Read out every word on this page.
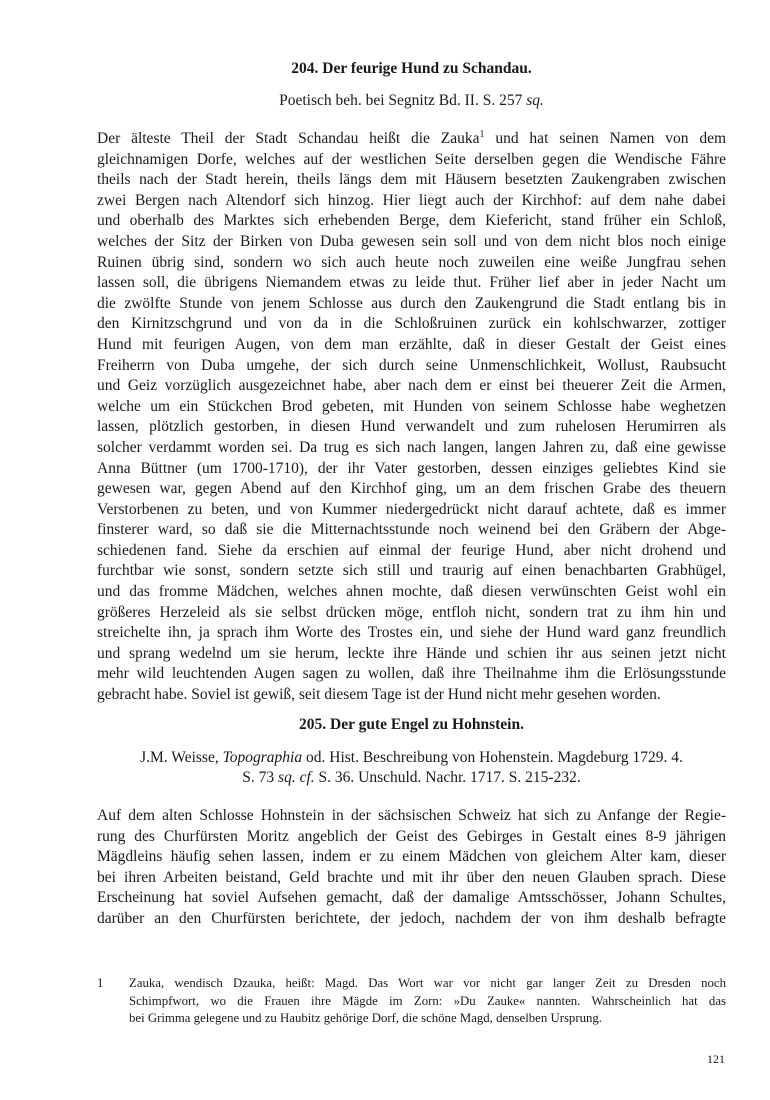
204. Der feurige Hund zu Schandau.
Poetisch beh. bei Segnitz Bd. II. S. 257 sq.
Der älteste Theil der Stadt Schandau heißt die Zauka$^1$ und hat seinen Namen von dem
gleichnamigen Dorfe, welches auf der westlichen Seite derselben gegen die Wendische Fähre
theils nach der Stadt herein, theils längs dem mit Häusern besetzten Zaukengraben zwischen
zwei Bergen nach Altendorf sich hinzog. Hier liegt auch der Kirchhof: auf dem nahe dabei
und oberhalb des Marktes sich erhebenden Berge, dem Kiefericht, stand früher ein Schloß,
welches der Sitz der Birken von Duba gewesen sein soll und von dem nicht blos noch einige
Ruinen übrig sind, sondern wo sich auch heute noch zuweilen eine weiße Jungfrau sehen
lassen soll, die übrigens Niemandem etwas zu leide thut. Früher lief aber in jeder Nacht um
die zwölfte Stunde von jenem Schlosse aus durch den Zaukengrund die Stadt entlang bis in
den Kirnitzschgrund und von da in die Schloßruinen zurück ein kohlschwarzer, zottiger
Hund mit feurigen Augen, von dem man erzählte, daß in dieser Gestalt der Geist eines
Freiherrn von Duba umgehe, der sich durch seine Unmenschlichkeit, Wollust, Raubsucht
und Geiz vorzüglich ausgezeichnet habe, aber nach dem er einst bei theuerer Zeit die Armen,
welche um ein Stückchen Brod gebeten, mit Hunden von seinem Schlosse habe weghetzen
lassen, plötzlich gestorben, in diesen Hund verwandelt und zum ruhelosen Herumirren als
solcher verdammt worden sei. Da trug es sich nach langen, langen Jahren zu, daß eine gewisse
Anna Büttner (um 1700-1710), der ihr Vater gestorben, dessen einziges geliebtes Kind sie
gewesen war, gegen Abend auf den Kirchhof ging, um an dem frischen Grabe des theuern
Verstorbenen zu beten, und von Kummer niedergedrückt nicht darauf achtete, daß es immer
finsterer ward, so daß sie die Mitternachtsstunde noch weinend bei den Gräbern der Abge-
schiedenen fand. Siehe da erschien auf einmal der feurige Hund, aber nicht drohend und
furchtbar wie sonst, sondern setzte sich still und traurig auf einen benachbarten Grabhügel,
und das fromme Mädchen, welches ahnen mochte, daß diesen verwünschten Geist wohl ein
größeres Herzeleid als sie selbst drücken möge, entfloh nicht, sondern trat zu ihm hin und
streichelte ihn, ja sprach ihm Worte des Trostes ein, und siehe der Hund ward ganz freundlich
und sprang wedelnd um sie herum, leckte ihre Hände und schien ihr aus seinen jetzt nicht
mehr wild leuchtenden Augen sagen zu wollen, daß ihre Theilnahme ihm die Erlösungsstunde
gebracht habe. Soviel ist gewiß, seit diesem Tage ist der Hund nicht mehr gesehen worden.
205. Der gute Engel zu Hohnstein.
J.M. Weisse, Topographia od. Hist. Beschreibung von Hohenstein. Magdeburg 1729. 4.
S. 73 sq. cf. S. 36. Unschuld. Nachr. 1717. S. 215-232.
Auf dem alten Schlosse Hohnstein in der sächsischen Schweiz hat sich zu Anfange der Regie-
rung des Churfürsten Moritz angeblich der Geist des Gebirges in Gestalt eines 8-9 jährigen
Mägdleins häufig sehen lassen, indem er zu einem Mädchen von gleichem Alter kam, dieser
bei ihren Arbeiten beistand, Geld brachte und mit ihr über den neuen Glauben sprach. Diese
Erscheinung hat soviel Aufsehen gemacht, daß der damalige Amtsschösser, Johann Schultes,
darüber an den Churfürsten berichtete, der jedoch, nachdem der von ihm deshalb befragte
1 Zauka, wendisch Dzauka, heißt: Magd. Das Wort war vor nicht gar langer Zeit zu Dresden noch
Schimpfwort, wo die Frauen ihre Mägde im Zorn: »Du Zauke« nannten. Wahrscheinlich hat das
bei Grimma gelegene und zu Haubitz gehörige Dorf, die schöne Magd, denselben Ursprung.
121
